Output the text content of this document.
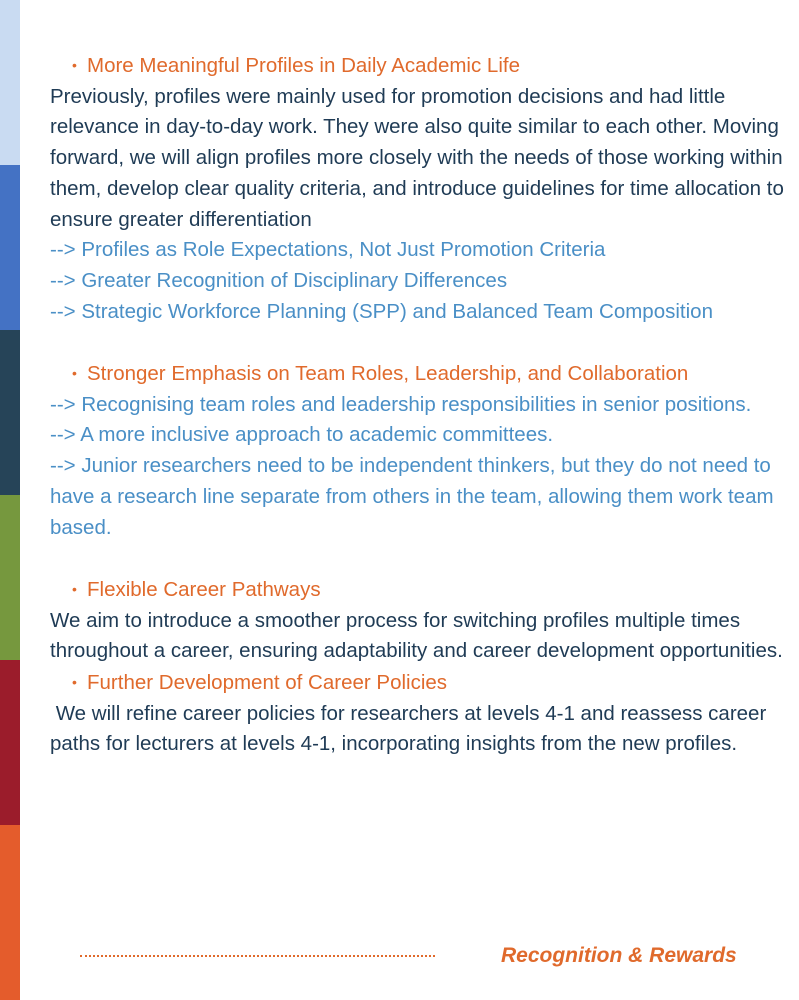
• More Meaningful Profiles in Daily Academic Life
Previously, profiles were mainly used for promotion decisions and had little relevance in day-to-day work. They were also quite similar to each other. Moving forward, we will align profiles more closely with the needs of those working within them, develop clear quality criteria, and introduce guidelines for time allocation to ensure greater differentiation
--> Profiles as Role Expectations, Not Just Promotion Criteria
--> Greater Recognition of Disciplinary Differences
--> Strategic Workforce Planning (SPP) and Balanced Team Composition
• Stronger Emphasis on Team Roles, Leadership, and Collaboration
--> Recognising team roles and leadership responsibilities in senior positions.
--> A more inclusive approach to academic committees.
--> Junior researchers need to be independent thinkers, but they do not need to have a research line separate from others in the team, allowing them work team based.
• Flexible Career Pathways
We aim to introduce a smoother process for switching profiles multiple times throughout a career, ensuring adaptability and career development opportunities.
• Further Development of Career Policies
We will refine career policies for researchers at levels 4-1 and reassess career paths for lecturers at levels 4-1, incorporating insights from the new profiles.
Recognition & Rewards
